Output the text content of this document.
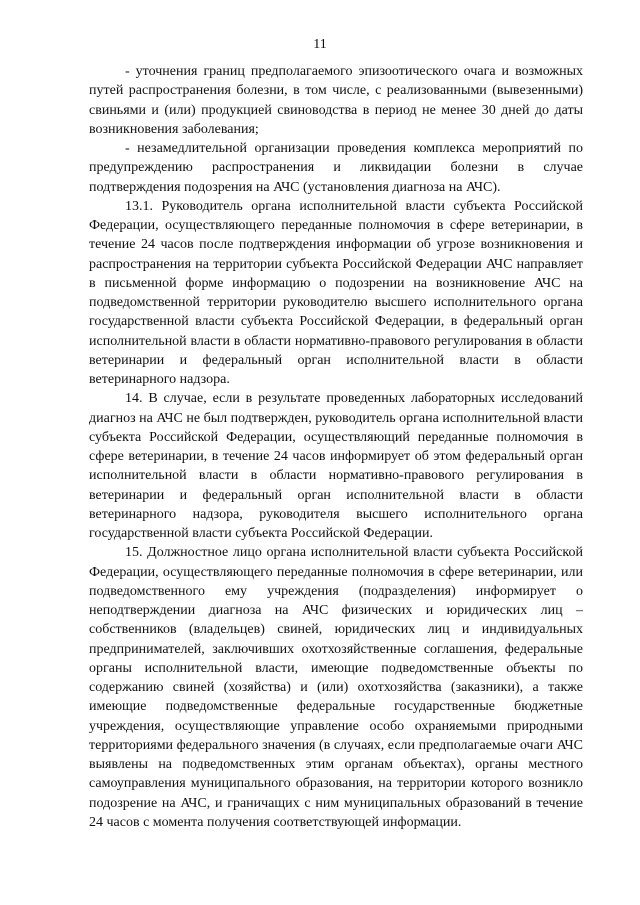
11

- уточнения границ предполагаемого эпизоотического очага и возможных путей распространения болезни, в том числе, с реализованными (вывезенными) свиньями и (или) продукцией свиноводства в период не менее 30 дней до даты возникновения заболевания;

- незамедлительной организации проведения комплекса мероприятий по предупреждению распространения и ликвидации болезни в случае подтверждения подозрения на АЧС (установления диагноза на АЧС).

13.1. Руководитель органа исполнительной власти субъекта Российской Федерации, осуществляющего переданные полномочия в сфере ветеринарии, в течение 24 часов после подтверждения информации об угрозе возникновения и распространения на территории субъекта Российской Федерации АЧС направляет в письменной форме информацию о подозрении на возникновение АЧС на подведомственной территории руководителю высшего исполнительного органа государственной власти субъекта Российской Федерации, в федеральный орган исполнительной власти в области нормативно-правового регулирования в области ветеринарии и федеральный орган исполнительной власти в области ветеринарного надзора.

14. В случае, если в результате проведенных лабораторных исследований диагноз на АЧС не был подтвержден, руководитель органа исполнительной власти субъекта Российской Федерации, осуществляющий переданные полномочия в сфере ветеринарии, в течение 24 часов информирует об этом федеральный орган исполнительной власти в области нормативно-правового регулирования в ветеринарии и федеральный орган исполнительной власти в области ветеринарного надзора, руководителя высшего исполнительного органа государственной власти субъекта Российской Федерации.

15. Должностное лицо органа исполнительной власти субъекта Российской Федерации, осуществляющего переданные полномочия в сфере ветеринарии, или подведомственного ему учреждения (подразделения) информирует о неподтверждении диагноза на АЧС физических и юридических лиц – собственников (владельцев) свиней, юридических лиц и индивидуальных предпринимателей, заключивших охотхозяйственные соглашения, федеральные органы исполнительной власти, имеющие подведомственные объекты по содержанию свиней (хозяйства) и (или) охотхозяйства (заказники), а также имеющие подведомственные федеральные государственные бюджетные учреждения, осуществляющие управление особо охраняемыми природными территориями федерального значения (в случаях, если предполагаемые очаги АЧС выявлены на подведомственных этим органам объектах), органы местного самоуправления муниципального образования, на территории которого возникло подозрение на АЧС, и граничащих с ним муниципальных образований в течение 24 часов с момента получения соответствующей информации.
